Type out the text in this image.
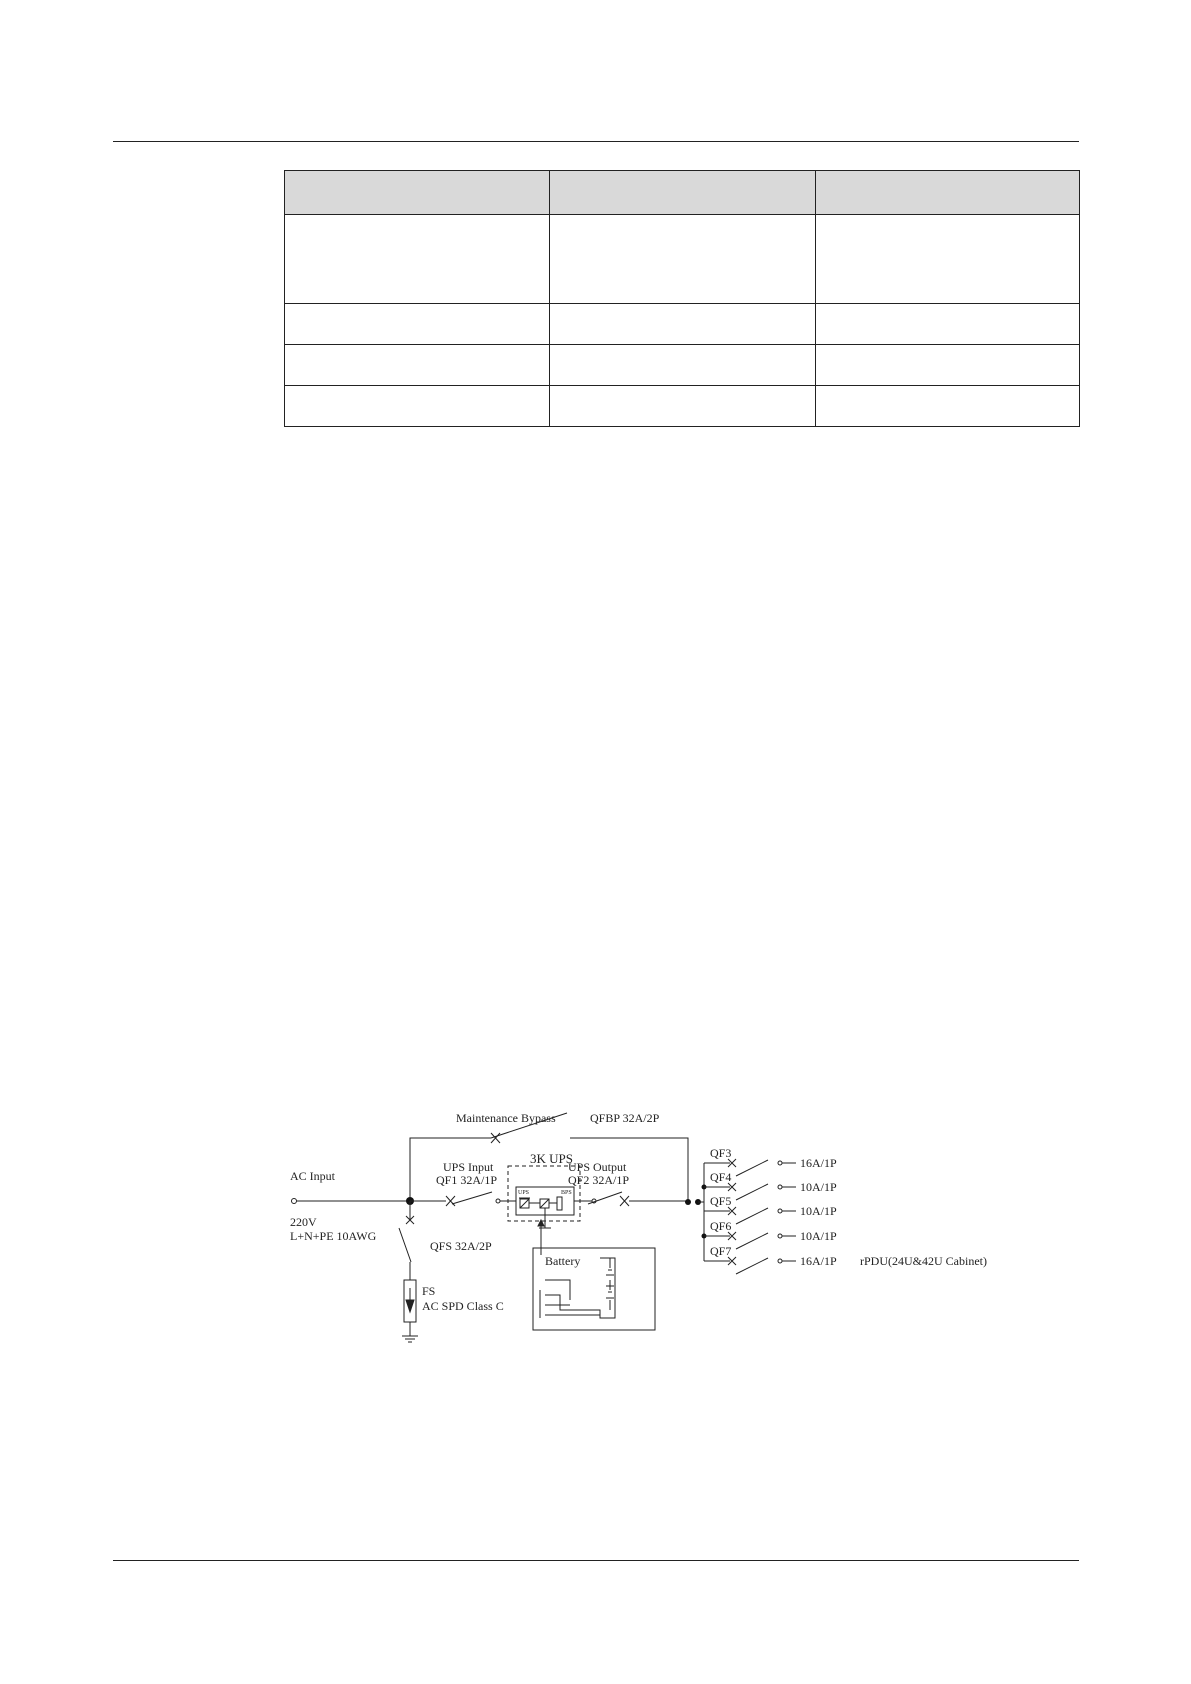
Maintenance Bypass	QFBP 32A/2P
AC Input
220V
L+N+PE 10AWG
UPS Input
QF1 32A/1P
3K UPS
UPS	BPS
UPS Output
QF2 32A/1P
QF3
16A/1P
QF4
10A/1P
QF5
10A/1P
QF6
10A/1P
QF7
16A/1P rPDU(24U&42U Cabinet)
QFS 32A/2P
FS
AC SPD Class C
Battery
